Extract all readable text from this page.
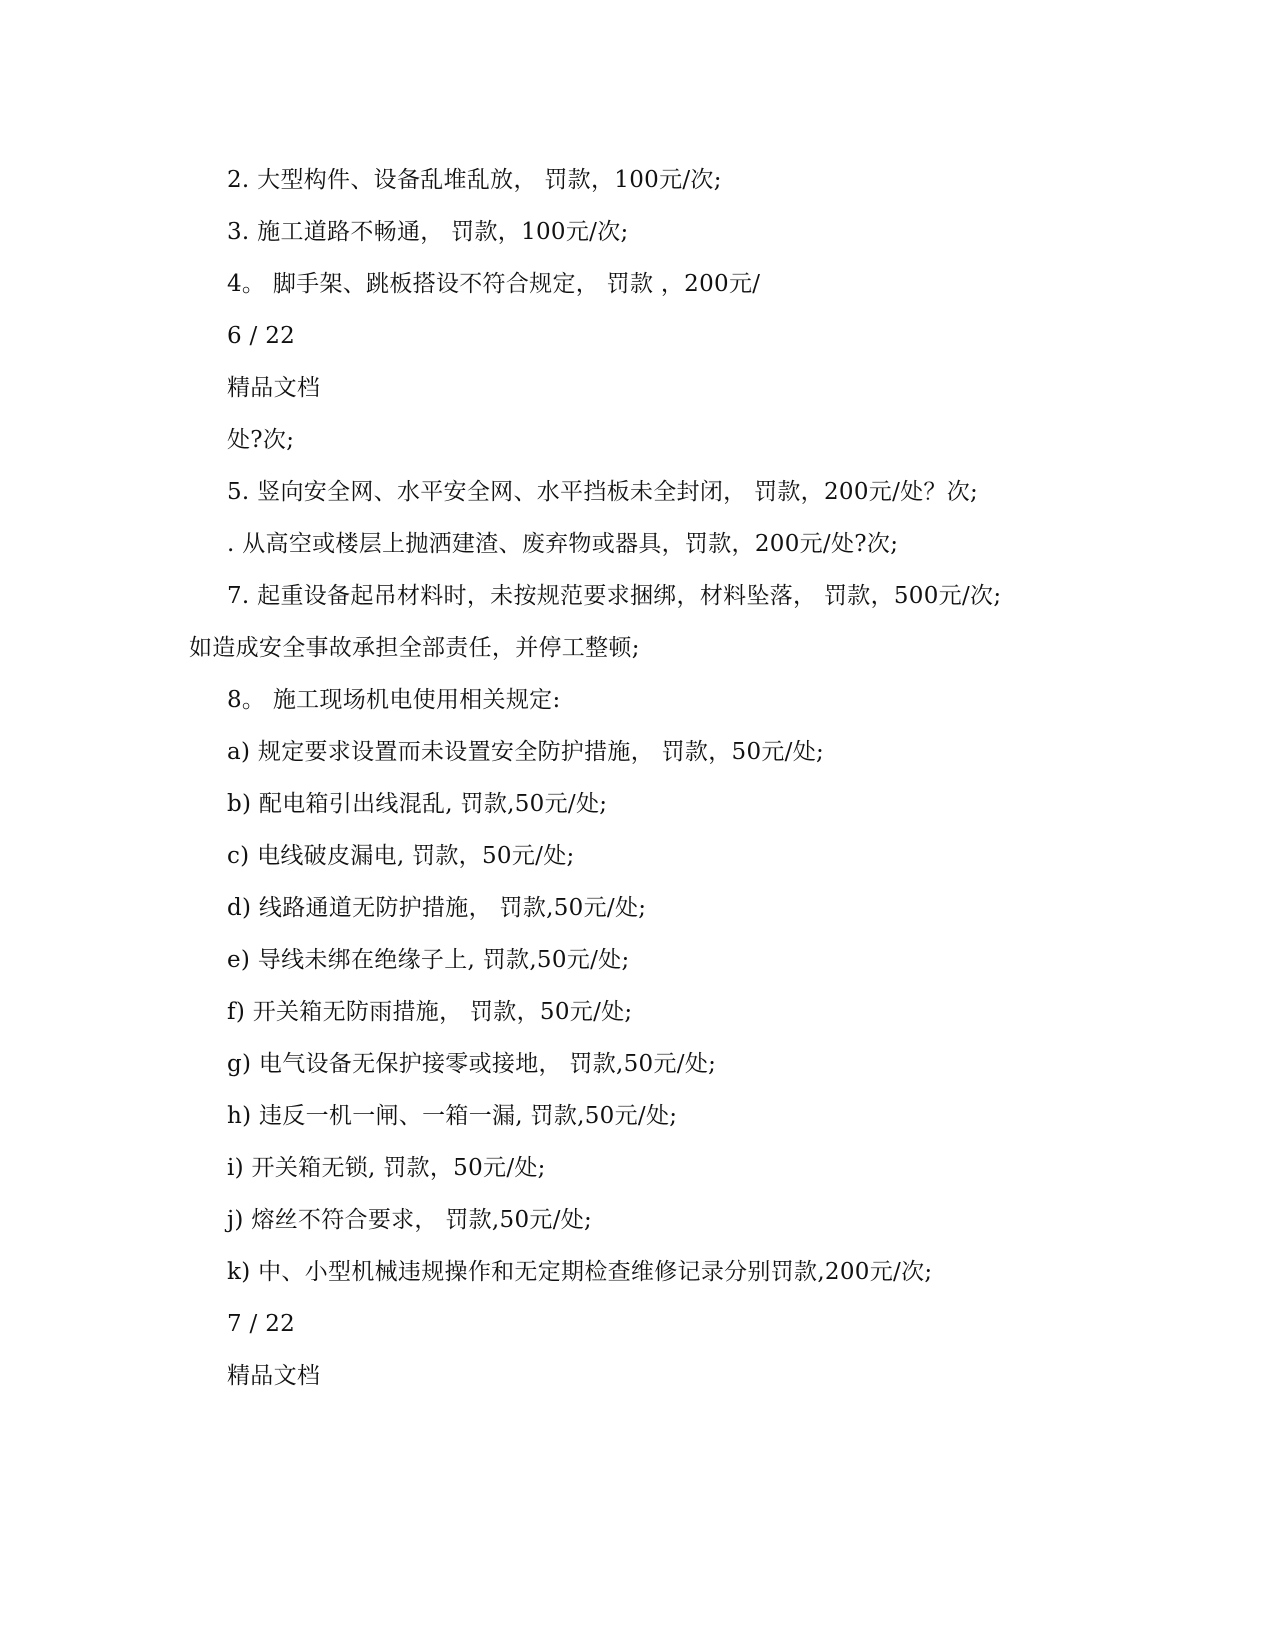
2. 大型构件、设备乱堆乱放， 罚款，100元/次;
3. 施工道路不畅通， 罚款，100元/次;
4。 脚手架、跳板搭设不符合规定， 罚款 ，200元/
6 / 22
精品文档
处?次;
5. 竖向安全网、水平安全网、水平挡板未全封闭， 罚款，200元/处？次;
. 从高空或楼层上抛洒建渣、废弃物或器具，罚款，200元/处?次;
7. 起重设备起吊材料时，未按规范要求捆绑，材料坠落， 罚款，500元/次;
如造成安全事故承担全部责任，并停工整顿;
8。 施工现场机电使用相关规定:
a) 规定要求设置而未设置安全防护措施， 罚款，50元/处;
b) 配电箱引出线混乱, 罚款,50元/处;
c) 电线破皮漏电, 罚款，50元/处;
d) 线路通道无防护措施， 罚款,50元/处;
e) 导线未绑在绝缘子上, 罚款,50元/处;
f) 开关箱无防雨措施， 罚款，50元/处;
g) 电气设备无保护接零或接地， 罚款,50元/处;
h) 违反一机一闸、一箱一漏, 罚款,50元/处;
i) 开关箱无锁, 罚款，50元/处;
j) 熔丝不符合要求， 罚款,50元/处;
k) 中、小型机械违规操作和无定期检查维修记录分别罚款,200元/次;
7 / 22
精品文档
